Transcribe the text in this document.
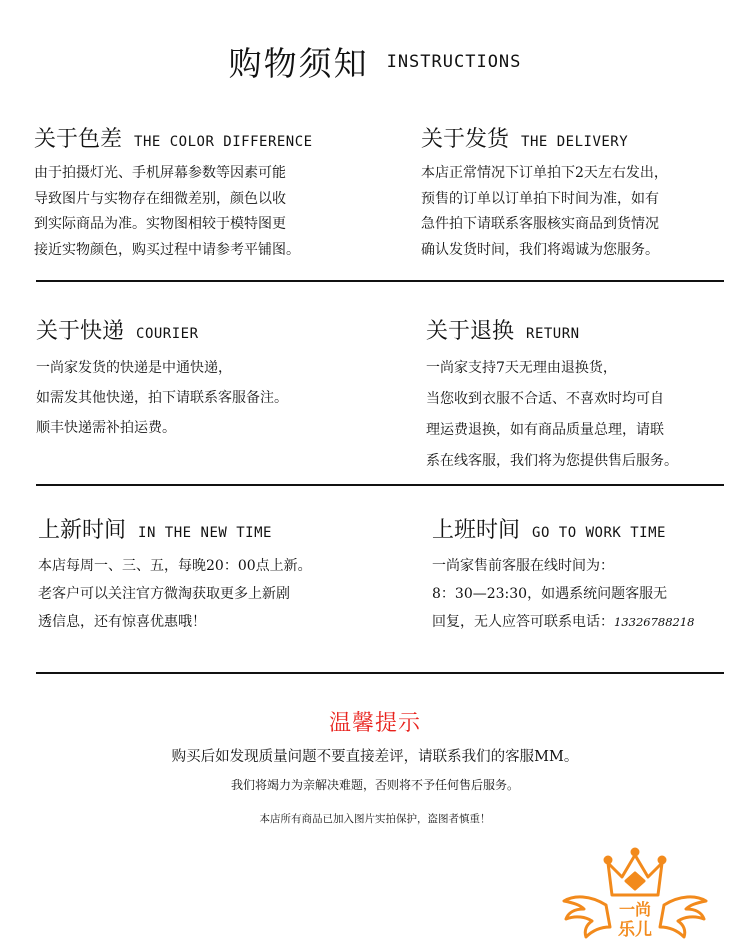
购物须知 INSTRUCTIONS
关于色差 THE COLOR DIFFERENCE
由于拍摄灯光、手机屏幕参数等因素可能
导致图片与实物存在细微差别，颜色以收
到实际商品为准。实物图相较于模特图更
接近实物颜色，购买过程中请参考平铺图。
关于发货 THE DELIVERY
本店正常情况下订单拍下2天左右发出，
预售的订单以订单拍下时间为准，如有
急件拍下请联系客服核实商品到货情况
确认发货时间，我们将竭诚为您服务。
关于快递 COURIER
一尚家发货的快递是中通快递，
如需发其他快递，拍下请联系客服备注。
顺丰快递需补拍运费。
关于退换 RETURN
一尚家支持7天无理由退换货，
当您收到衣服不合适、不喜欢时均可自
理运费退换，如有商品质量总理，请联
系在线客服，我们将为您提供售后服务。
上新时间 IN THE NEW TIME
本店每周一、三、五，每晚20：00点上新。
老客户可以关注官方微淘获取更多上新剧
透信息，还有惊喜优惠哦！
上班时间 GO TO WORK TIME
一尚家售前客服在线时间为：
8：30—23:30，如遇系统问题客服无
回复，无人应答可联系电话：13326788218
温馨提示
购买后如发现质量问题不要直接差评，请联系我们的客服MM。
我们将竭力为亲解决难题，否则将不予任何售后服务。
本店所有商品已加入图片实拍保护，盗图者慎重！
一尚
乐儿
